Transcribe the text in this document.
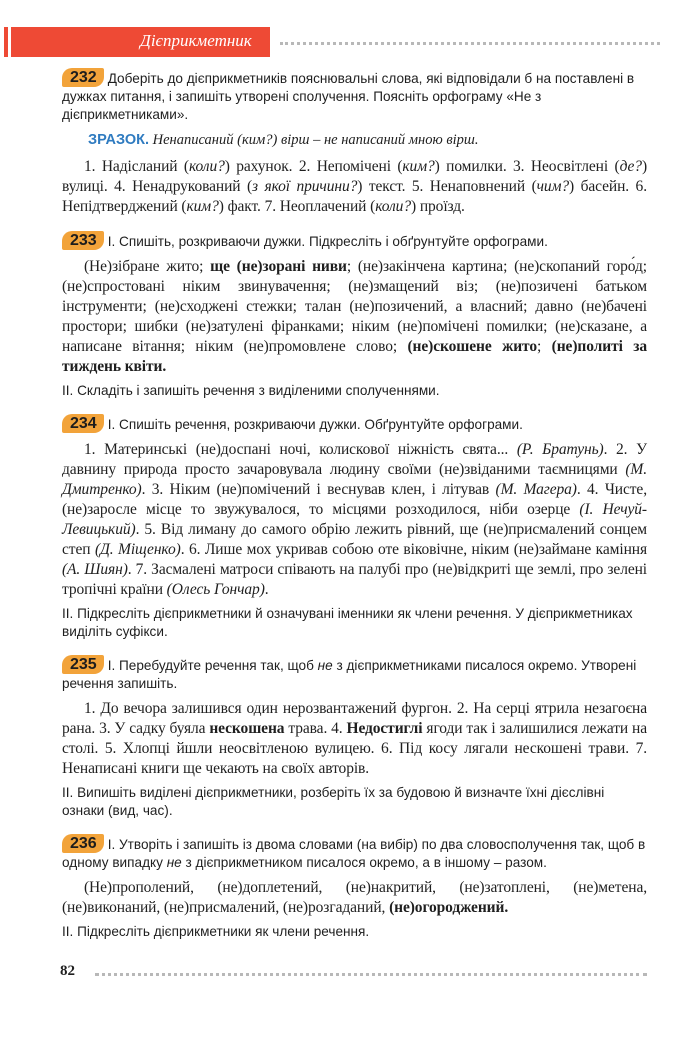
Дієприкметник

232 Доберіть до дієприкметників пояснювальні слова, які відповідали б на поставлені в дужках питання, і запишіть утворені сполучення. Поясніть орфограму «Не з дієприкметниками».

ЗРАЗОК. Ненаписаний (ким?) вірш – не написаний мною вірш.

1. Надісланий (коли?) рахунок. 2. Непомічені (ким?) помилки. 3. Неосвітлені (де?) вулиці. 4. Ненадрукований (з якої причини?) текст. 5. Ненаповнений (чим?) басейн. 6. Непідтверджений (ким?) факт. 7. Неоплачений (коли?) проїзд.

233 І. Спишіть, розкриваючи дужки. Підкресліть і обґрунтуйте орфограми.

(Не)зібране жито; ще (не)зорані ниви; (не)закінчена картина; (не)скопаний горо́д; (не)спростовані ніким звинувачення; (не)змащений віз; (не)позичені батьком інструменти; (не)сходжені стежки; талан (не)позичений, а власний; давно (не)бачені простори; шибки (не)затулені фіранками; ніким (не)помічені помилки; (не)сказане, а написане вітання; ніким (не)промовлене слово; (не)скошене жито; (не)политі за тиждень квіти.

ІІ. Складіть і запишіть речення з виділеними сполученнями.

234 І. Спишіть речення, розкриваючи дужки. Обґрунтуйте орфограми.

1. Материнські (не)доспані ночі, колискової ніжність свята... (Р. Братунь). 2. У давнину природа просто зачаровувала людину своїми (не)звіданими таємницями (М. Дмитренко). 3. Ніким (не)помічений і веснував клен, і літував (М. Магера). 4. Чисте, (не)заросле місце то звужувалося, то місцями розходилося, ніби озерце (І. Нечуй-Левицький). 5. Від лиману до самого обрію лежить рівний, ще (не)присмалений сонцем степ (Д. Міщенко). 6. Лише мох укривав собою оте віковічне, ніким (не)займане каміння (А. Шиян). 7. Засмалені матроси співають на палубі про (не)відкриті ще землі, про зелені тропічні країни (Олесь Гончар).

ІІ. Підкресліть дієприкметники й означувані іменники як члени речення. У дієприкметниках виділіть суфікси.

235 І. Перебудуйте речення так, щоб не з дієприкметниками писалося окремо. Утворені речення запишіть.

1. До вечора залишився один нерозвантажений фургон. 2. На серці ятрила незагоєна рана. 3. У садку буяла нескошена трава. 4. Недостиглі ягоди так і залишилися лежати на столі. 5. Хлопці йшли неосвітленою вулицею. 6. Під косу лягали нескошені трави. 7. Ненаписані книги ще чекають на своїх авторів.

ІІ. Випишіть виділені дієприкметники, розберіть їх за будовою й визначте їхні дієслівні ознаки (вид, час).

236 І. Утворіть і запишіть із двома словами (на вибір) по два словосполучення так, щоб в одному випадку не з дієприкметником писалося окремо, а в іншому – разом.

(Не)прополений, (не)доплетений, (не)накритий, (не)затоплені, (не)метена, (не)виконаний, (не)присмалений, (не)розгаданий, (не)огороджений.

ІІ. Підкресліть дієприкметники як члени речення.

82
